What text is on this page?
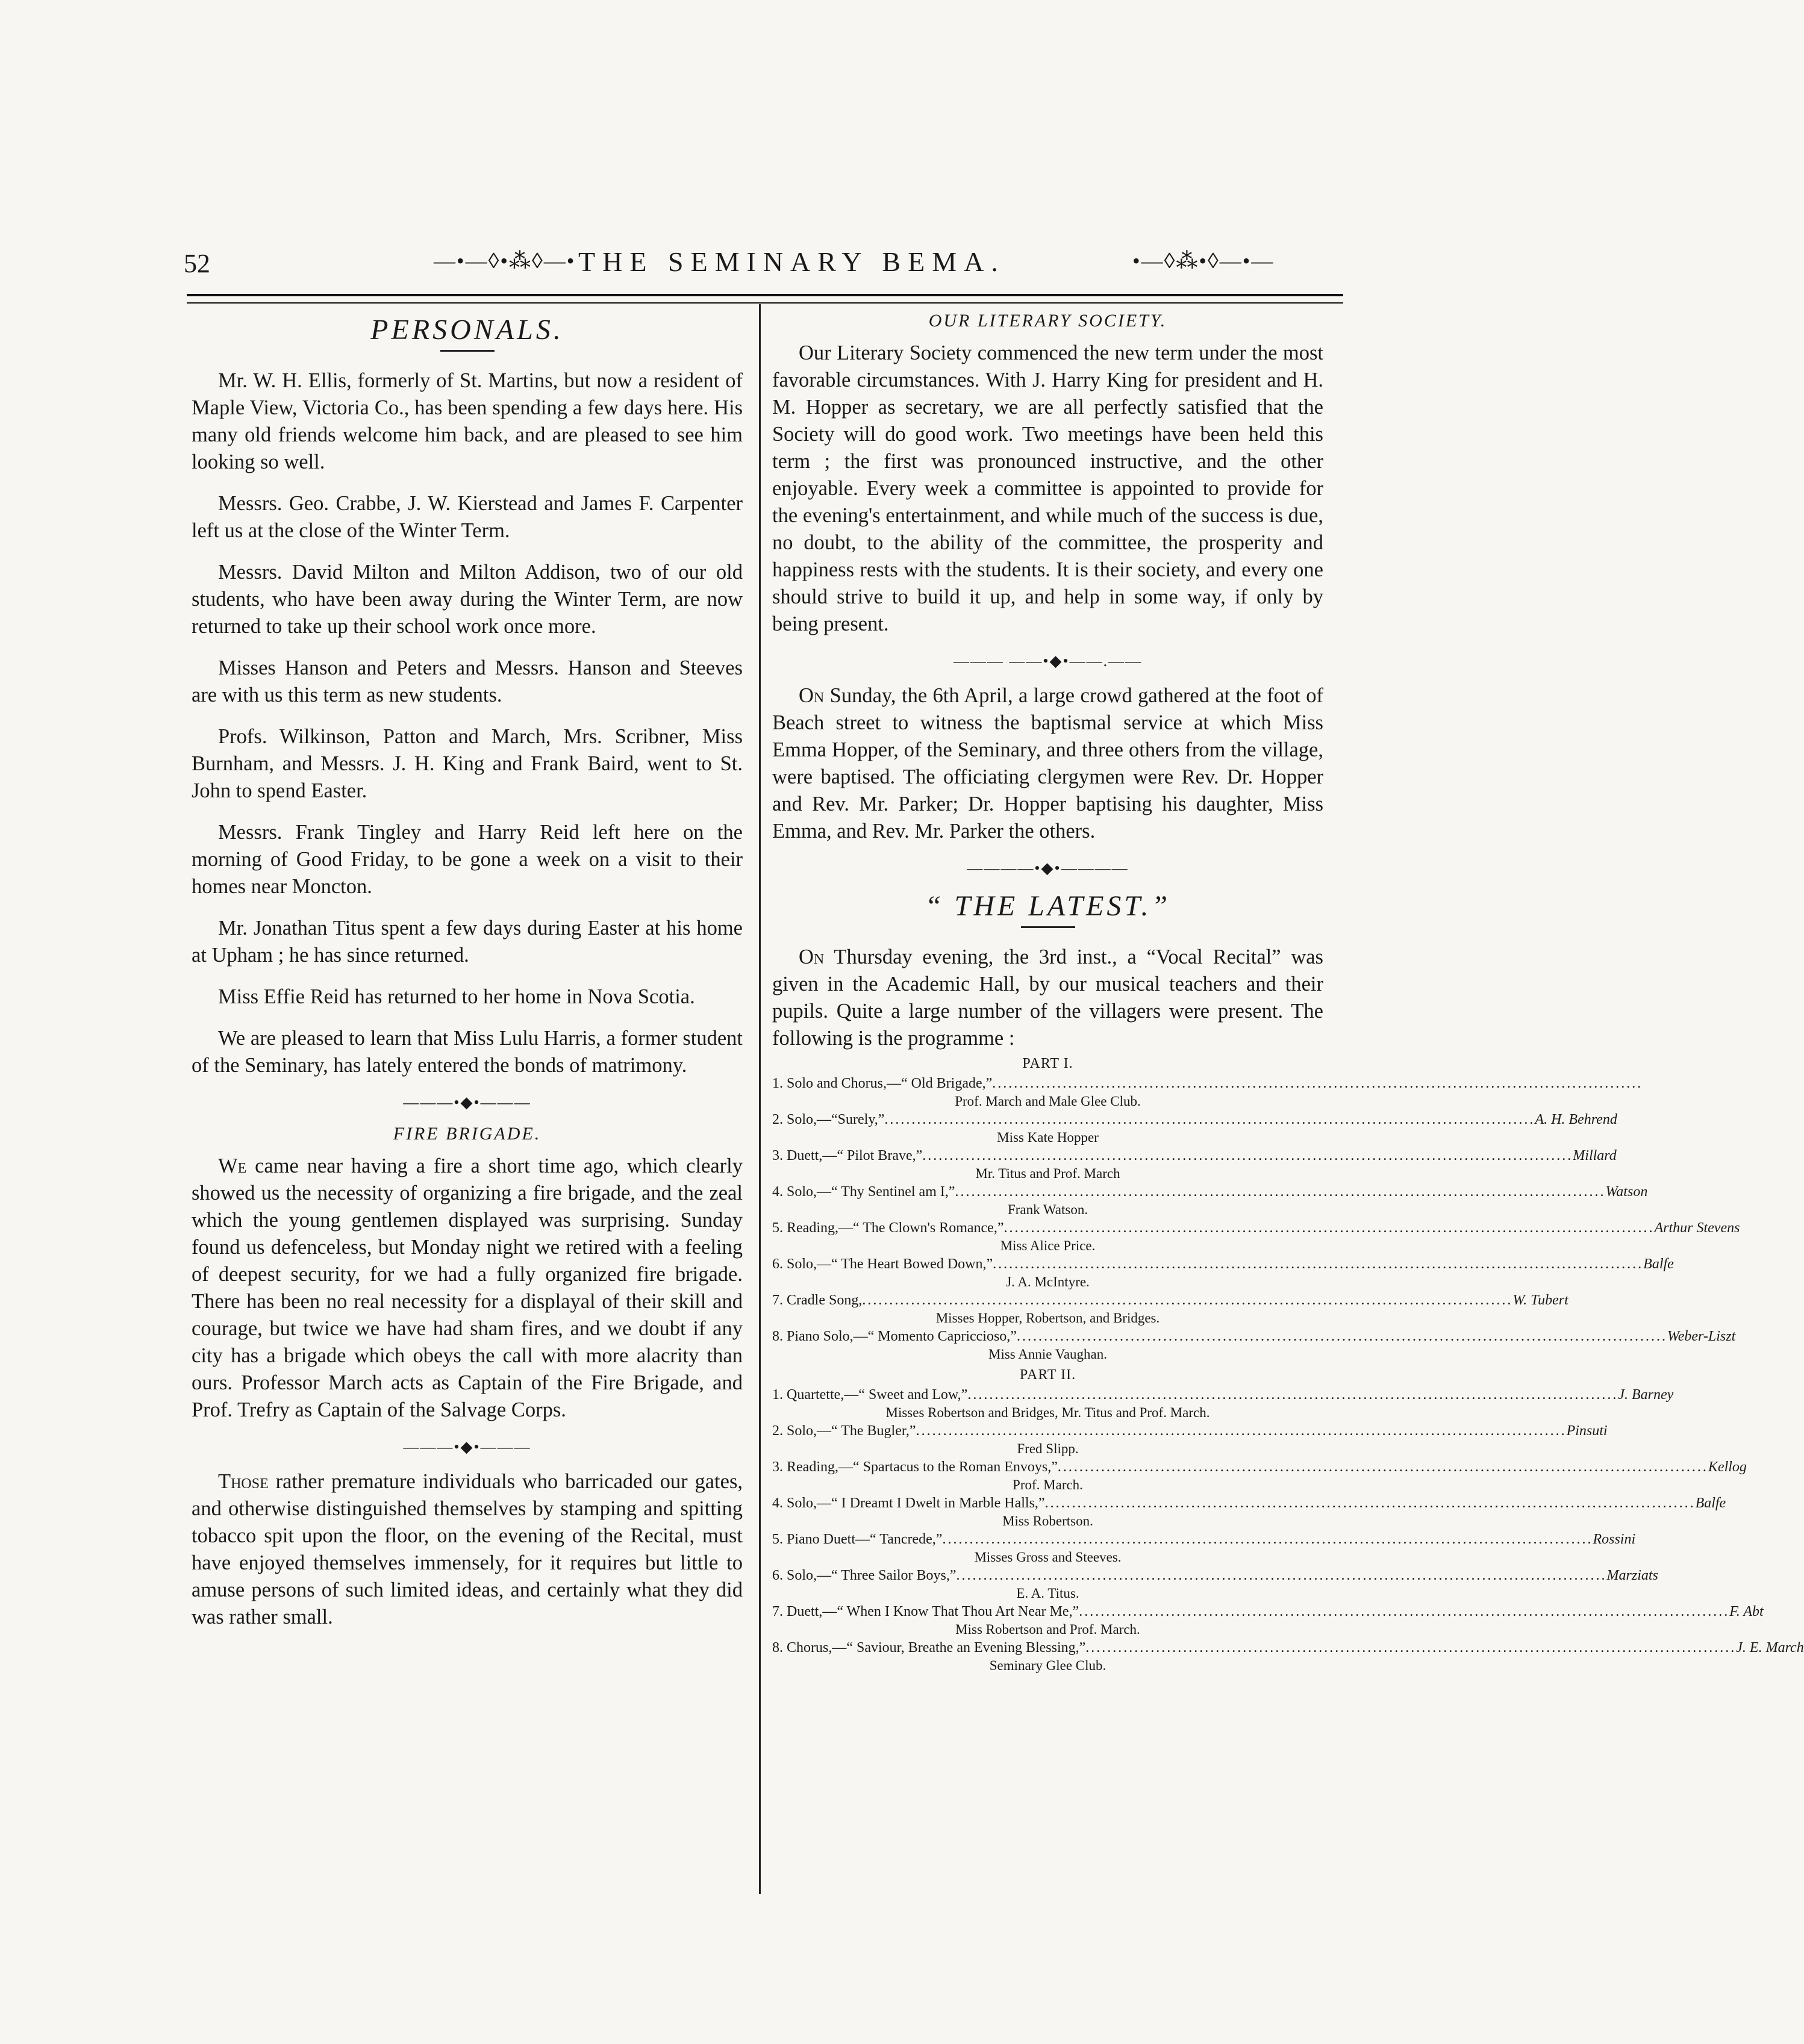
52	—•—◊•⁂◊—• THE SEMINARY BEMA.	•—◊⁂•◊—•—
PERSONALS.

Mr. W. H. Ellis, formerly of St. Martins, but now a resident of Maple View, Victoria Co., has been spending a few days here. His many old friends welcome him back, and are pleased to see him looking so well.

Messrs. Geo. Crabbe, J. W. Kierstead and James F. Carpenter left us at the close of the Winter Term.

Messrs. David Milton and Milton Addison, two of our old students, who have been away during the Winter Term, are now returned to take up their school work once more.

Misses Hanson and Peters and Messrs. Hanson and Steeves are with us this term as new students.

Profs. Wilkinson, Patton and March, Mrs. Scribner, Miss Burnham, and Messrs. J. H. King and Frank Baird, went to St. John to spend Easter.

Messrs. Frank Tingley and Harry Reid left here on the morning of Good Friday, to be gone a week on a visit to their homes near Moncton.

Mr. Jonathan Titus spent a few days during Easter at his home at Upham ; he has since returned.

Miss Effie Reid has returned to her home in Nova Scotia.

We are pleased to learn that Miss Lulu Harris, a former student of the Seminary, has lately entered the bonds of matrimony.

———•◆•———
FIRE BRIGADE.

We came near having a fire a short time ago, which clearly showed us the necessity of organizing a fire brigade, and the zeal which the young gentlemen displayed was surprising. Sunday found us defenceless, but Monday night we retired with a feeling of deepest security, for we had a fully organized fire brigade. There has been no real necessity for a displayal of their skill and courage, but twice we have had sham fires, and we doubt if any city has a brigade which obeys the call with more alacrity than ours. Professor March acts as Captain of the Fire Brigade, and Prof. Trefry as Captain of the Salvage Corps.

———•◆•———

Those rather premature individuals who barricaded our gates, and otherwise distinguished themselves by stamping and spitting tobacco spit upon the floor, on the evening of the Recital, must have enjoyed themselves immensely, for it requires but little to amuse persons of such limited ideas, and certainly what they did was rather small.

OUR LITERARY SOCIETY.

Our Literary Society commenced the new term under the most favorable circumstances. With J. Harry King for president and H. M. Hopper as secretary, we are all perfectly satisfied that the Society will do good work. Two meetings have been held this term ; the first was pronounced instructive, and the other enjoyable. Every week a committee is appointed to provide for the evening's entertainment, and while much of the success is due, no doubt, to the ability of the committee, the prosperity and happiness rests with the students. It is their society, and every one should strive to build it up, and help in some way, if only by being present.

——— ——•◆•——.——

On Sunday, the 6th April, a large crowd gathered at the foot of Beach street to witness the baptismal service at which Miss Emma Hopper, of the Seminary, and three others from the village, were baptised. The officiating clergymen were Rev. Dr. Hopper and Rev. Mr. Parker; Dr. Hopper baptising his daughter, Miss Emma, and Rev. Mr. Parker the others.

————•◆•————
“ THE LATEST.”

On Thursday evening, the 3rd inst., a “Vocal Recital” was given in the Academic Hall, by our musical teachers and their pupils. Quite a large number of the villagers were present. The following is the programme :

PART I.
1. Solo and Chorus,—“ Old Brigade,” ........................................................................................................................
Prof. March and Male Glee Club.
2. Solo,—“Surely,” ........................................................................................................................ A. H. Behrend
Miss Kate Hopper
3. Duett,—“ Pilot Brave,” ........................................................................................................................ Millard
Mr. Titus and Prof. March
4. Solo,—“ Thy Sentinel am I,” ........................................................................................................................ Watson
Frank Watson.
5. Reading,—“ The Clown's Romance,” ........................................................................................................................ Arthur Stevens
Miss Alice Price.
6. Solo,—“ The Heart Bowed Down,” ........................................................................................................................ Balfe
J. A. McIntyre.
7. Cradle Song, ........................................................................................................................ W. Tubert
Misses Hopper, Robertson, and Bridges.
8. Piano Solo,—“ Momento Capriccioso,” ........................................................................................................................ Weber-Liszt
Miss Annie Vaughan.
PART II.
1. Quartette,—“ Sweet and Low,” ........................................................................................................................ J. Barney
Misses Robertson and Bridges, Mr. Titus and Prof. March.
2. Solo,—“ The Bugler,” ........................................................................................................................ Pinsuti
Fred Slipp.
3. Reading,—“ Spartacus to the Roman Envoys,” ........................................................................................................................ Kellog
Prof. March.
4. Solo,—“ I Dreamt I Dwelt in Marble Halls,” ........................................................................................................................ Balfe
Miss Robertson.
5. Piano Duett—“ Tancrede,” ........................................................................................................................ Rossini
Misses Gross and Steeves.
6. Solo,—“ Three Sailor Boys,” ........................................................................................................................ Marziats
E. A. Titus.
7. Duett,—“ When I Know That Thou Art Near Me,” ........................................................................................................................ F. Abt
Miss Robertson and Prof. March.
8. Chorus,—“ Saviour, Breathe an Evening Blessing,” ........................................................................................................................ J. E. March
Seminary Glee Club.
